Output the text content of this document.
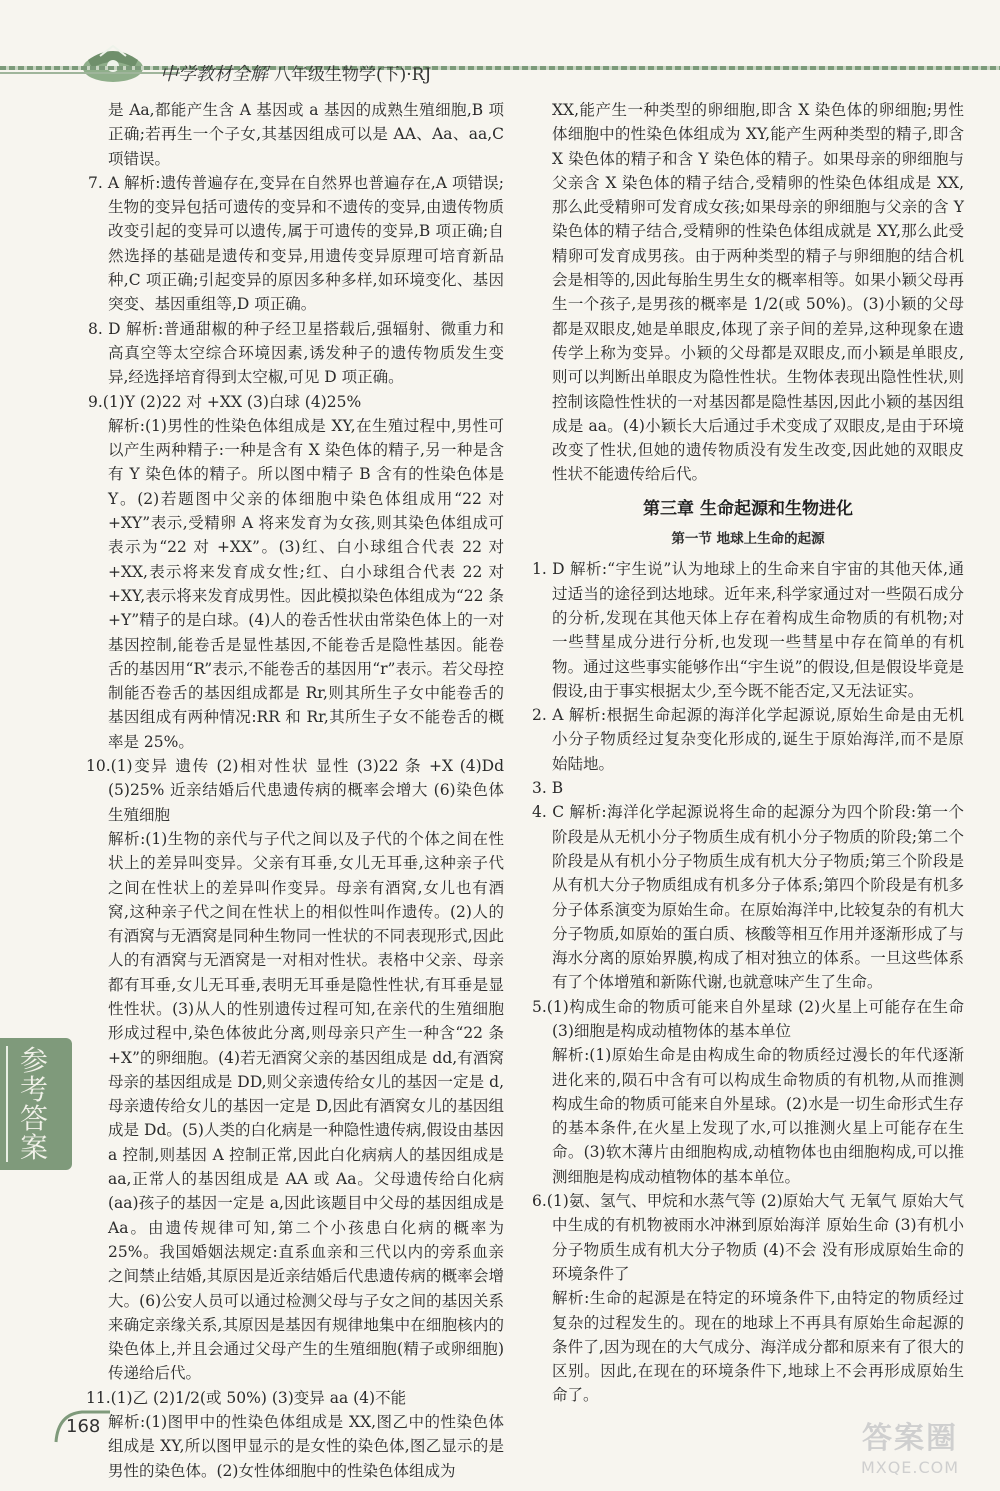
中学教材全解 八年级生物学(下)·RJ

是 Aa,都能产生含 A 基因或 a 基因的成熟生殖细胞,B 项正确;若再生一个子女,其基因组成可以是 AA、Aa、aa,C 项错误。

7. A 解析:遗传普遍存在,变异在自然界也普遍存在,A 项错误;生物的变异包括可遗传的变异和不遗传的变异,由遗传物质改变引起的变异可以遗传,属于可遗传的变异,B 项正确;自然选择的基础是遗传和变异,用遗传变异原理可培育新品种,C 项正确;引起变异的原因多种多样,如环境变化、基因突变、基因重组等,D 项正确。

8. D 解析:普通甜椒的种子经卫星搭载后,强辐射、微重力和高真空等太空综合环境因素,诱发种子的遗传物质发生变异,经选择培育得到太空椒,可见 D 项正确。

9.(1)Y (2)22 对 +XX (3)白球 (4)25%

解析:(1)男性的性染色体组成是 XY,在生殖过程中,男性可以产生两种精子:一种是含有 X 染色体的精子,另一种是含有 Y 染色体的精子。所以图中精子 B 含有的性染色体是 Y。(2)若题图中父亲的体细胞中染色体组成用“22 对 +XY”表示,受精卵 A 将来发育为女孩,则其染色体组成可表示为“22 对 +XX”。(3)红、白小球组合代表 22 对 +XX,表示将来发育成女性;红、白小球组合代表 22 对 +XY,表示将来发育成男性。因此模拟染色体组成为“22 条 +Y”精子的是白球。(4)人的卷舌性状由常染色体上的一对基因控制,能卷舌是显性基因,不能卷舌是隐性基因。能卷舌的基因用“R”表示,不能卷舌的基因用“r”表示。若父母控制能否卷舌的基因组成都是 Rr,则其所生子女中能卷舌的基因组成有两种情况:RR 和 Rr,其所生子女不能卷舌的概率是 25%。

10.(1)变异 遗传 (2)相对性状 显性 (3)22 条 +X (4)Dd (5)25% 近亲结婚后代患遗传病的概率会增大 (6)染色体 生殖细胞

解析:(1)生物的亲代与子代之间以及子代的个体之间在性状上的差异叫变异。父亲有耳垂,女儿无耳垂,这种亲子代之间在性状上的差异叫作变异。母亲有酒窝,女儿也有酒窝,这种亲子代之间在性状上的相似性叫作遗传。(2)人的有酒窝与无酒窝是同种生物同一性状的不同表现形式,因此人的有酒窝与无酒窝是一对相对性状。表格中父亲、母亲都有耳垂,女儿无耳垂,表明无耳垂是隐性性状,有耳垂是显性性状。(3)从人的性别遗传过程可知,在亲代的生殖细胞形成过程中,染色体彼此分离,则母亲只产生一种含“22 条 +X”的卵细胞。(4)若无酒窝父亲的基因组成是 dd,有酒窝母亲的基因组成是 DD,则父亲遗传给女儿的基因一定是 d,母亲遗传给女儿的基因一定是 D,因此有酒窝女儿的基因组成是 Dd。(5)人类的白化病是一种隐性遗传病,假设由基因 a 控制,则基因 A 控制正常,因此白化病病人的基因组成是 aa,正常人的基因组成是 AA 或 Aa。父母遗传给白化病(aa)孩子的基因一定是 a,因此该题目中父母的基因组成是 Aa。由遗传规律可知,第二个小孩患白化病的概率为 25%。我国婚姻法规定:直系血亲和三代以内的旁系血亲之间禁止结婚,其原因是近亲结婚后代患遗传病的概率会增大。(6)公安人员可以通过检测父母与子女之间的基因关系来确定亲缘关系,其原因是基因有规律地集中在细胞核内的染色体上,并且会通过父母产生的生殖细胞(精子或卵细胞)传递给后代。

11.(1)乙 (2)1/2(或 50%) (3)变异 aa (4)不能

解析:(1)图甲中的性染色体组成是 XX,图乙中的性染色体组成是 XY,所以图甲显示的是女性的染色体,图乙显示的是男性的染色体。(2)女性体细胞中的性染色体组成为

XX,能产生一种类型的卵细胞,即含 X 染色体的卵细胞;男性体细胞中的性染色体组成为 XY,能产生两种类型的精子,即含 X 染色体的精子和含 Y 染色体的精子。如果母亲的卵细胞与父亲含 X 染色体的精子结合,受精卵的性染色体组成是 XX,那么此受精卵可发育成女孩;如果母亲的卵细胞与父亲的含 Y 染色体的精子结合,受精卵的性染色体组成就是 XY,那么此受精卵可发育成男孩。由于两种类型的精子与卵细胞的结合机会是相等的,因此每胎生男生女的概率相等。如果小颖父母再生一个孩子,是男孩的概率是 1/2(或 50%)。(3)小颖的父母都是双眼皮,她是单眼皮,体现了亲子间的差异,这种现象在遗传学上称为变异。小颖的父母都是双眼皮,而小颖是单眼皮,则可以判断出单眼皮为隐性性状。生物体表现出隐性性状,则控制该隐性性状的一对基因都是隐性基因,因此小颖的基因组成是 aa。(4)小颖长大后通过手术变成了双眼皮,是由于环境改变了性状,但她的遗传物质没有发生改变,因此她的双眼皮性状不能遗传给后代。

第三章 生命起源和生物进化
第一节 地球上生命的起源

1. D 解析:“宇生说”认为地球上的生命来自宇宙的其他天体,通过适当的途径到达地球。近年来,科学家通过对一些陨石成分的分析,发现在其他天体上存在着构成生命物质的有机物;对一些彗星成分进行分析,也发现一些彗星中存在简单的有机物。通过这些事实能够作出“宇生说”的假设,但是假设毕竟是假设,由于事实根据太少,至今既不能否定,又无法证实。

2. A 解析:根据生命起源的海洋化学起源说,原始生命是由无机小分子物质经过复杂变化形成的,诞生于原始海洋,而不是原始陆地。

3. B

4. C 解析:海洋化学起源说将生命的起源分为四个阶段:第一个阶段是从无机小分子物质生成有机小分子物质的阶段;第二个阶段是从有机小分子物质生成有机大分子物质;第三个阶段是从有机大分子物质组成有机多分子体系;第四个阶段是有机多分子体系演变为原始生命。在原始海洋中,比较复杂的有机大分子物质,如原始的蛋白质、核酸等相互作用并逐渐形成了与海水分离的原始界膜,构成了相对独立的体系。一旦这些体系有了个体增殖和新陈代谢,也就意味产生了生命。

5.(1)构成生命的物质可能来自外星球 (2)火星上可能存在生命 (3)细胞是构成动植物体的基本单位

解析:(1)原始生命是由构成生命的物质经过漫长的年代逐渐进化来的,陨石中含有可以构成生命物质的有机物,从而推测构成生命的物质可能来自外星球。(2)水是一切生命形式生存的基本条件,在火星上发现了水,可以推测火星上可能存在生命。(3)软木薄片由细胞构成,动植物体也由细胞构成,可以推测细胞是构成动植物体的基本单位。

6.(1)氨、氢气、甲烷和水蒸气等 (2)原始大气 无氧气 原始大气中生成的有机物被雨水冲淋到原始海洋 原始生命 (3)有机小分子物质生成有机大分子物质 (4)不会 没有形成原始生命的环境条件了

解析:生命的起源是在特定的环境条件下,由特定的物质经过复杂的过程发生的。现在的地球上不再具有原始生命起源的条件了,因为现在的大气成分、海洋成分都和原来有了很大的区别。因此,在现在的环境条件下,地球上不会再形成原始生命了。

参考答案
168	答案圈
MXQE.COM
